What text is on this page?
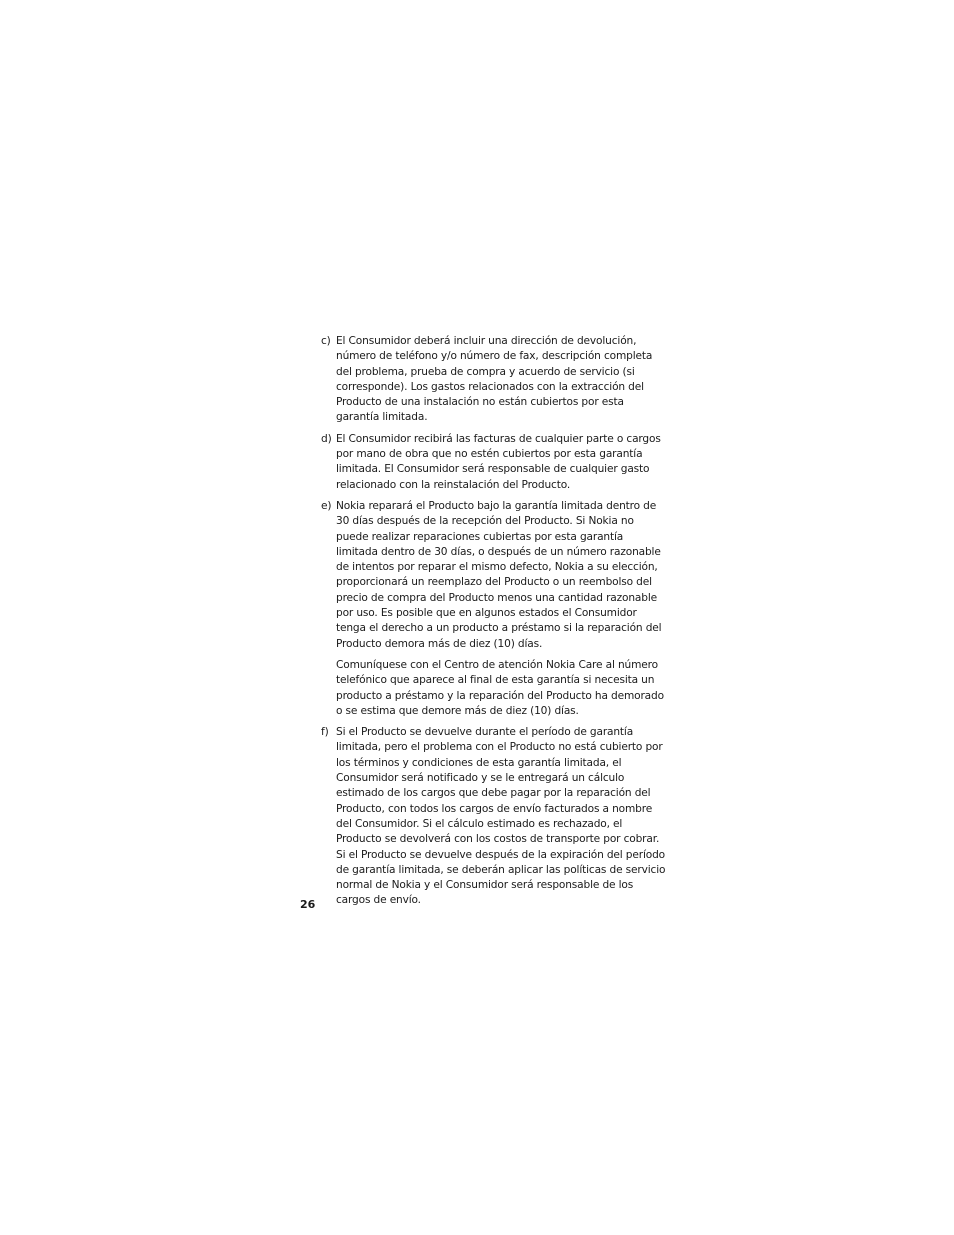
c) El Consumidor deberá incluir una dirección de devolución, número de teléfono y/o número de fax, descripción completa del problema, prueba de compra y acuerdo de servicio (si corresponde). Los gastos relacionados con la extracción del Producto de una instalación no están cubiertos por esta garantía limitada.

d) El Consumidor recibirá las facturas de cualquier parte o cargos por mano de obra que no estén cubiertos por esta garantía limitada. El Consumidor será responsable de cualquier gasto relacionado con la reinstalación del Producto.

e) Nokia reparará el Producto bajo la garantía limitada dentro de 30 días después de la recepción del Producto. Si Nokia no puede realizar reparaciones cubiertas por esta garantía limitada dentro de 30 días, o después de un número razonable de intentos por reparar el mismo defecto, Nokia a su elección, proporcionará un reemplazo del Producto o un reembolso del precio de compra del Producto menos una cantidad razonable por uso. Es posible que en algunos estados el Consumidor tenga el derecho a un producto a préstamo si la reparación del Producto demora más de diez (10) días.

Comuníquese con el Centro de atención Nokia Care al número telefónico que aparece al final de esta garantía si necesita un producto a préstamo y la reparación del Producto ha demorado o se estima que demore más de diez (10) días.

f) Si el Producto se devuelve durante el período de garantía limitada, pero el problema con el Producto no está cubierto por los términos y condiciones de esta garantía limitada, el Consumidor será notificado y se le entregará un cálculo estimado de los cargos que debe pagar por la reparación del Producto, con todos los cargos de envío facturados a nombre del Consumidor. Si el cálculo estimado es rechazado, el Producto se devolverá con los costos de transporte por cobrar. Si el Producto se devuelve después de la expiración del período de garantía limitada, se deberán aplicar las políticas de servicio normal de Nokia y el Consumidor será responsable de los cargos de envío.

26
